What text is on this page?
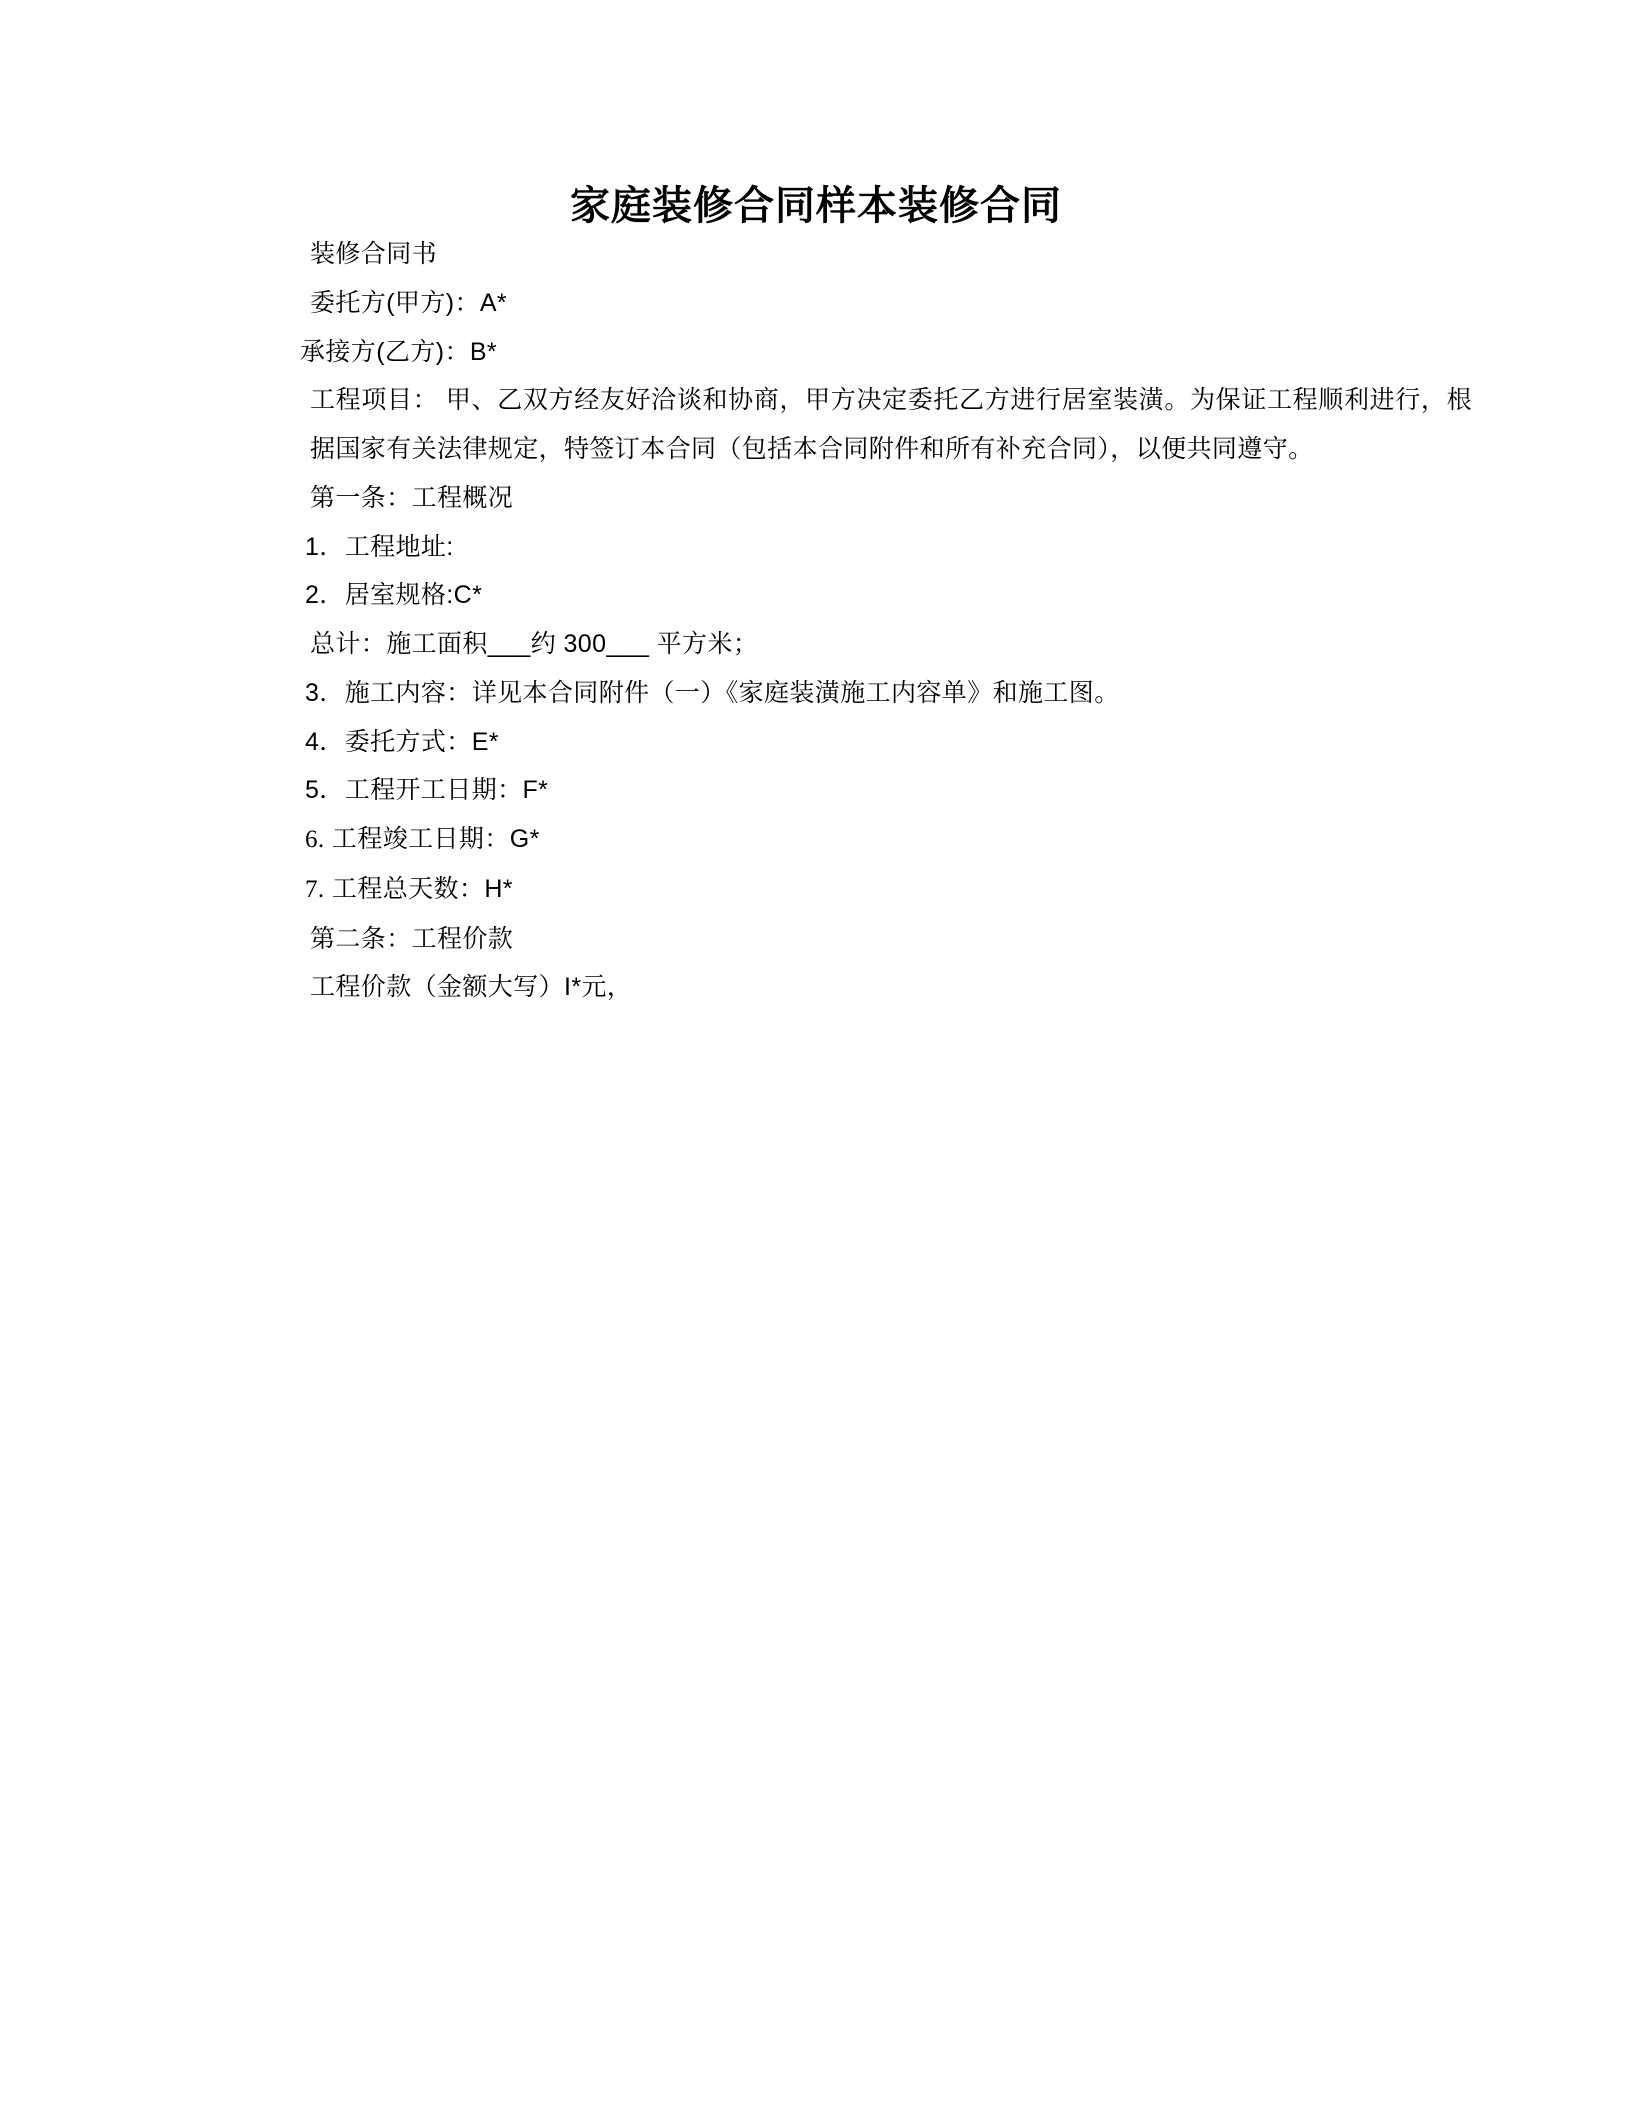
家庭装修合同样本装修合同

装修合同书

委托方(甲方)：A*

承接方(乙方)：B*

工程项目： 甲、乙双方经友好洽谈和协商，甲方决定委托乙方进行居室装潢。为保证工程顺利进行，根据国家有关法律规定，特签订本合同（包括本合同附件和所有补充合同），以便共同遵守。

第一条：工程概况

1．工程地址:

2．居室规格:C*

总计：施工面积___约 300___ 平方米；

3．施工内容：详见本合同附件（一）《家庭装潢施工内容单》和施工图。

4．委托方式：E*

5．工程开工日期：F*

6. 工程竣工日期：G*

7. 工程总天数：H*

第二条：工程价款

工程价款（金额大写）I*元，
